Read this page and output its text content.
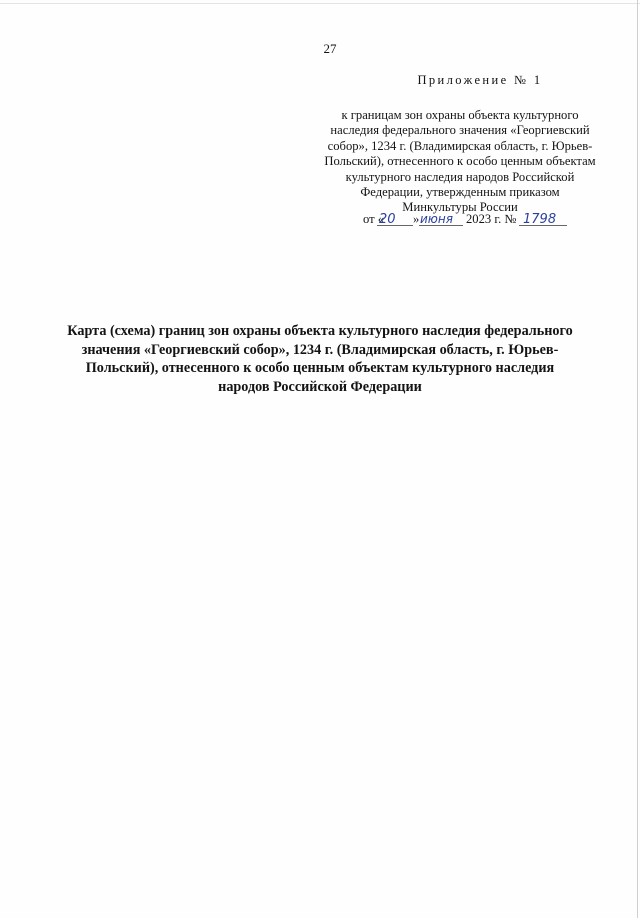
27
Приложение № 1
к границам зон охраны объекта культурного
наследия федерального значения «Георгиевский
собор», 1234 г. (Владимирская область, г. Юрьев-
Польский), отнесенного к особо ценным объектам
культурного наследия народов Российской
Федерации, утвержденным приказом
Минкультуры России
от «
20 » июня 2023 г. № 1798
Карта (схема) границ зон охраны объекта культурного наследия федерального
значения «Георгиевский собор», 1234 г. (Владимирская область, г. Юрьев-
Польский), отнесенного к особо ценным объектам культурного наследия
народов Российской Федерации
